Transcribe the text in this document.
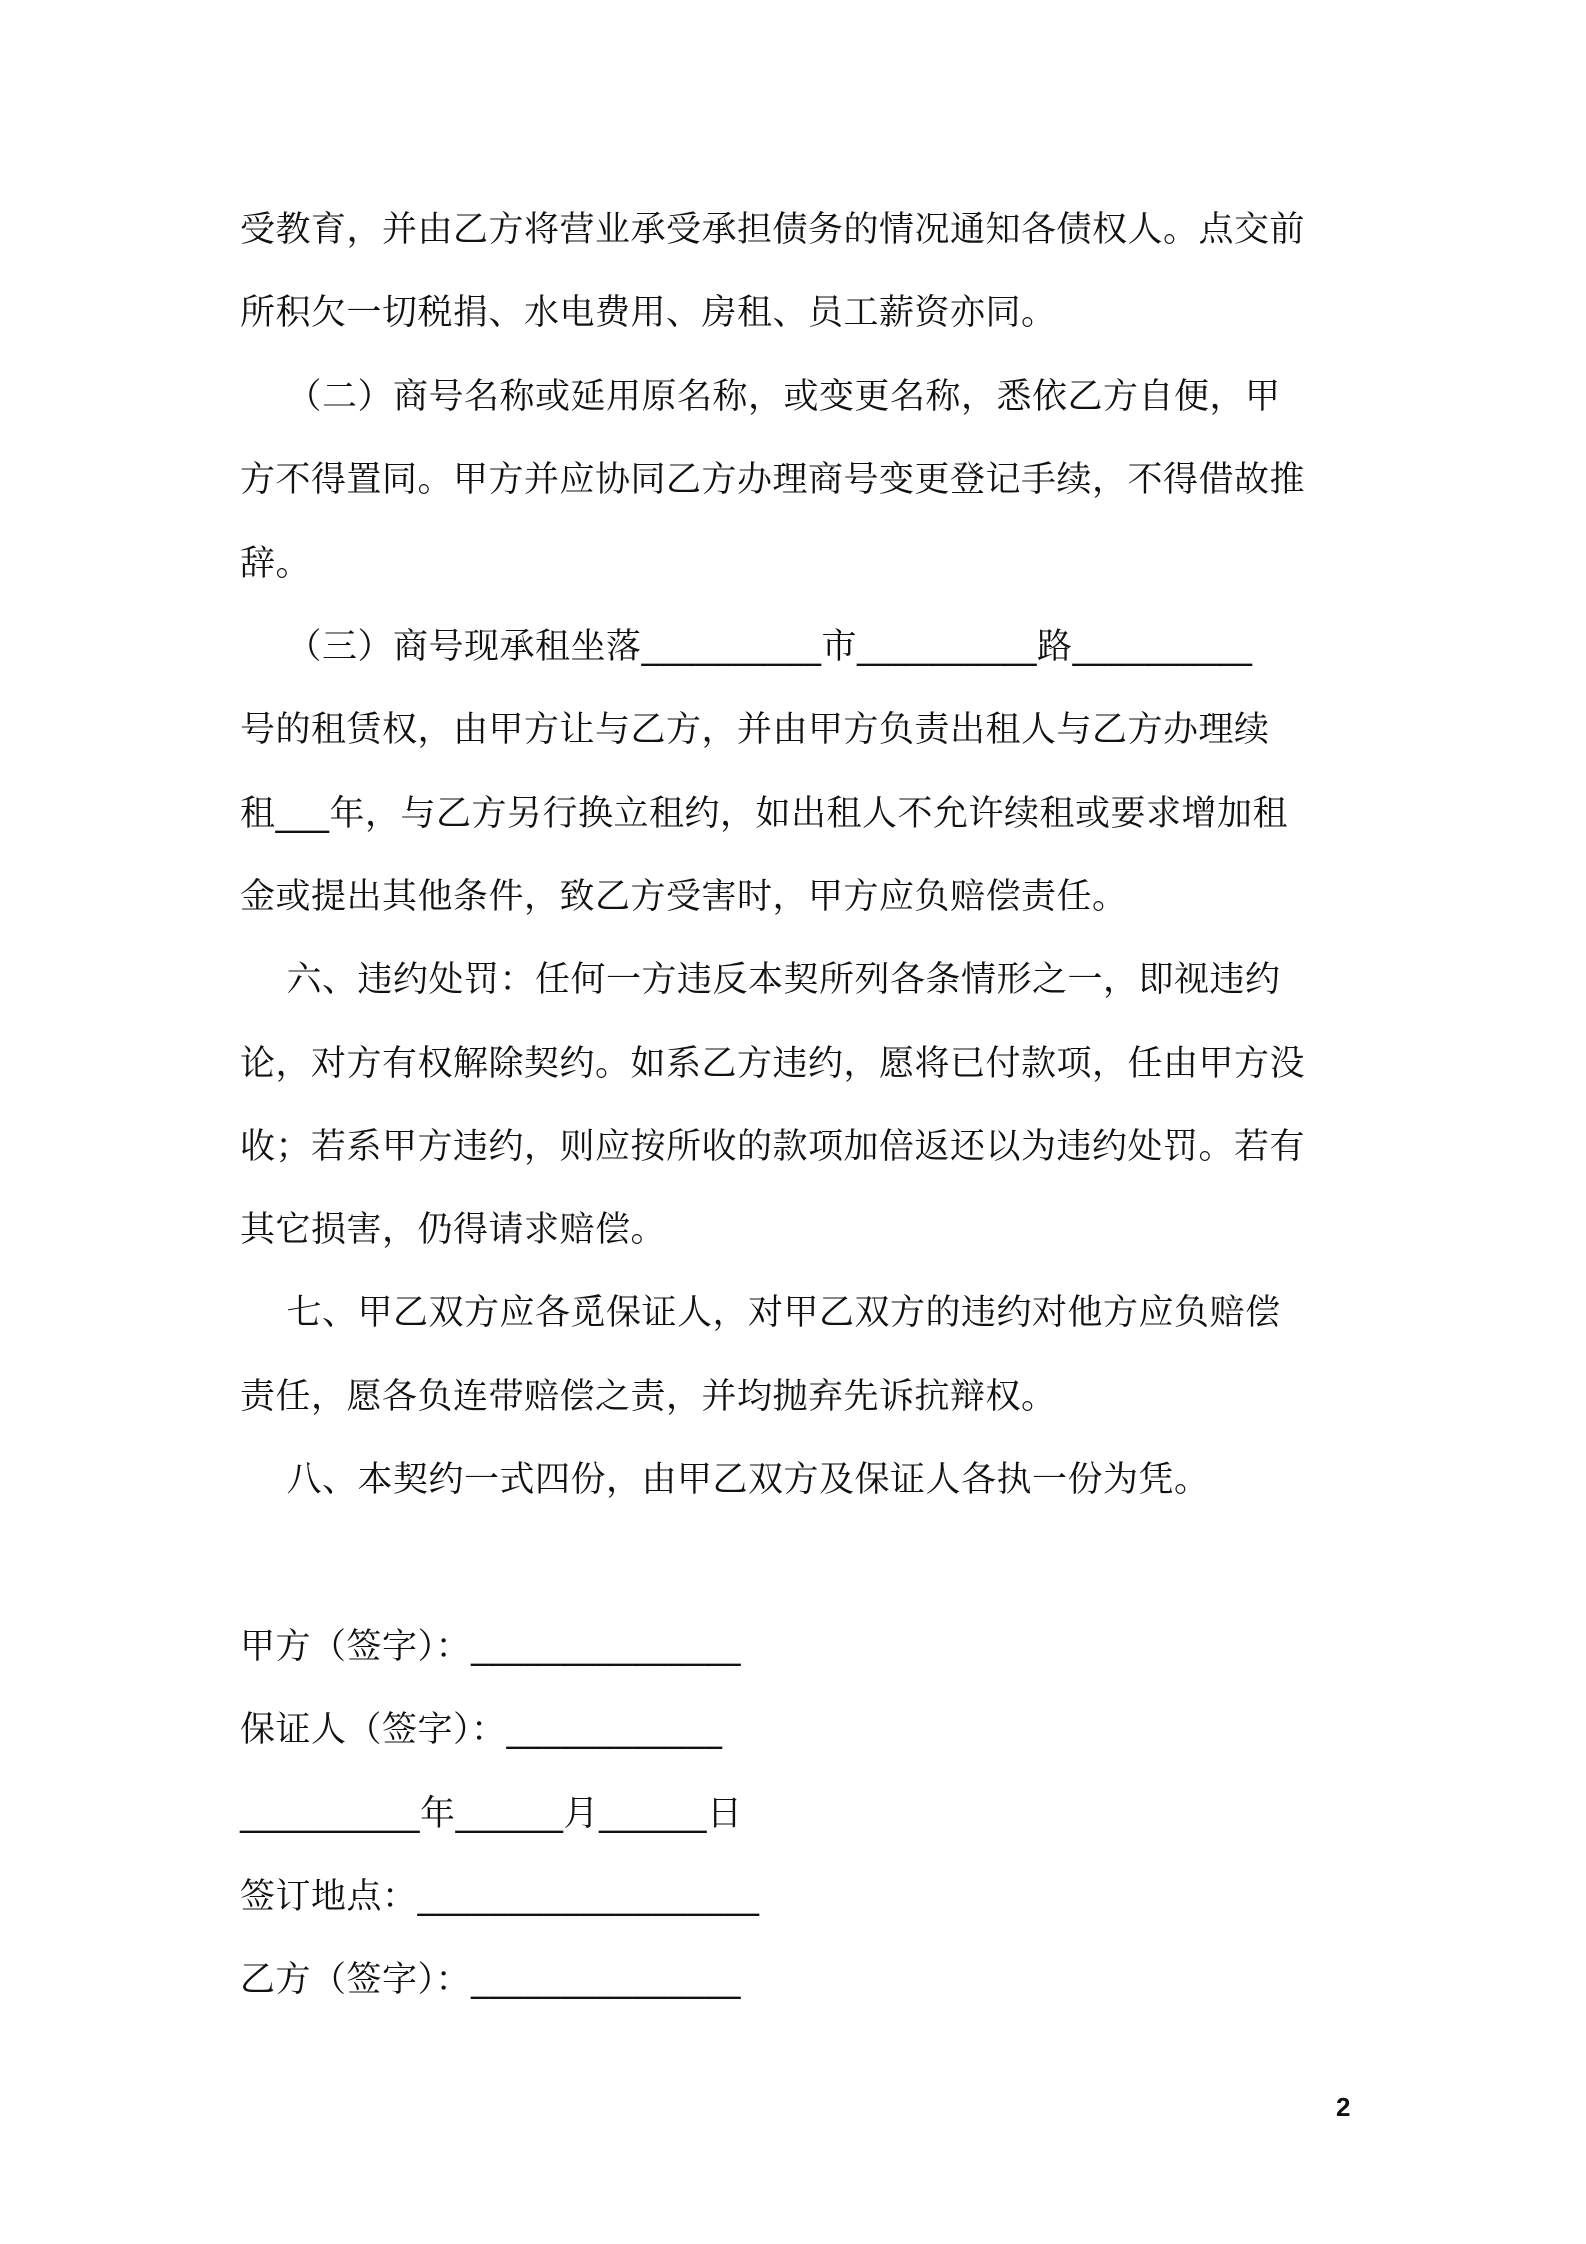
受教育，并由乙方将营业承受承担债务的情况通知各债权人。点交前
所积欠一切税捐、水电费用、房租、员工薪资亦同。
（二）商号名称或延用原名称，或变更名称，悉依乙方自便，甲
方不得置同。甲方并应协同乙方办理商号变更登记手续，不得借故推
辞。
（三）商号现承租坐落__________市__________路__________
号的租赁权，由甲方让与乙方，并由甲方负责出租人与乙方办理续
租___年，与乙方另行换立租约，如出租人不允许续租或要求增加租
金或提出其他条件，致乙方受害时，甲方应负赔偿责任。
六、违约处罚：任何一方违反本契所列各条情形之一，即视违约
论，对方有权解除契约。如系乙方违约，愿将已付款项，任由甲方没
收；若系甲方违约，则应按所收的款项加倍返还以为违约处罚。若有
其它损害，仍得请求赔偿。
七、甲乙双方应各觅保证人，对甲乙双方的违约对他方应负赔偿
责任，愿各负连带赔偿之责，并均抛弃先诉抗辩权。
八、本契约一式四份，由甲乙双方及保证人各执一份为凭。
甲方（签字）：_______________
保证人（签字）：____________
__________年______月______日
签订地点：___________________
乙方（签字）：_______________
2
